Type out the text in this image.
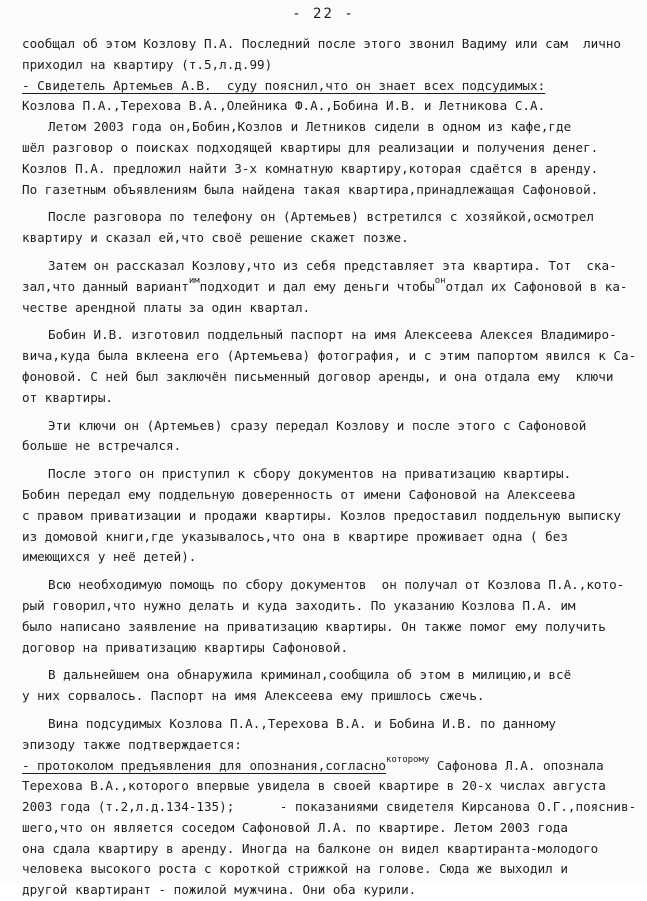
- 22 -
сообщал об этом Козлову П.А. Последний после этого звонил Вадиму или сам  лично
приходил на квартиру (т.5,л.д.99)
- Свидетель Артемьев А.В.  суду пояснил,что он знает всех подсудимых:
Козлова П.А.,Терехова В.А.,Олейника Ф.А.,Бобина И.В. и Летникова С.А.
Летом 2003 года он,Бобин,Козлов и Летников сидели в одном из кафе,где
шёл разговор о поисках подходящей квартиры для реализации и получения денег.
Козлов П.А. предложил найти 3-х комнатную квартиру,которая сдаётся в аренду.
По газетным объявлениям была найдена такая квартира,принадлежащая Сафоновой.
После разговора по телефону он (Артемьев) встретился с хозяйкой,осмотрел
квартиру и сказал ей,что своё решение скажет позже.
Затем он рассказал Козлову,что из себя представляет эта квартира. Тот  ска-
зал,что данный вариант$^{им}$подходит и дал ему деньги чтобы$^{он}$отдал их Сафоновой в ка-
честве арендной платы за один квартал.
Бобин И.В. изготовил поддельный паспорт на имя Алексеева Алексея Владимиро-
вича,куда была вклеена его (Артемьева) фотография, и с этим папортом явился к Са-
фоновой. С ней был заключён письменный договор аренды, и она отдала ему  ключи
от квартиры.
Эти ключи он (Артемьев) сразу передал Козлову и после этого с Сафоновой
больше не встречался.
После этого он приступил к сбору документов на приватизацию квартиры.
Бобин передал ему поддельную доверенность от имени Сафоновой на Алексеева
с правом приватизации и продажи квартиры. Козлов предоставил поддельную выписку
из домовой книги,где указывалось,что она в квартире проживает одна ( без
имеющихся у неё детей).
Всю необходимую помощь по сбору документов  он получал от Козлова П.А.,кото-
рый говорил,что нужно делать и куда заходить. По указанию Козлова П.А. им
было написано заявление на приватизацию квартиры. Он также помог ему получить
договор на приватизацию квартиры Сафоновой.
В дальнейшем она обнаружила криминал,сообщила об этом в милицию,и всё
у них сорвалось. Паспорт на имя Алексеева ему пришлось сжечь.
Вина подсудимых Козлова П.А.,Терехова В.А. и Бобина И.В. по данному
эпизоду также подтверждается:
- протоколом предъявления для опознания,согласно$^{которому}$ Сафонова Л.А. опознала
Терехова В.А.,которого впервые увидела в своей квартире в 20-х числах августа
2003 года (т.2,л.д.134-135);      - показаниями свидетеля Кирсанова О.Г.,пояснив-
шего,что он является соседом Сафоновой Л.А. по квартире. Летом 2003 года
она сдала квартиру в аренду. Иногда на балконе он видел квартиранта-молодого
человека высокого роста с короткой стрижкой на голове. Сюда же выходил и
другой квартирант - пожилой мужчина. Они оба курили.
